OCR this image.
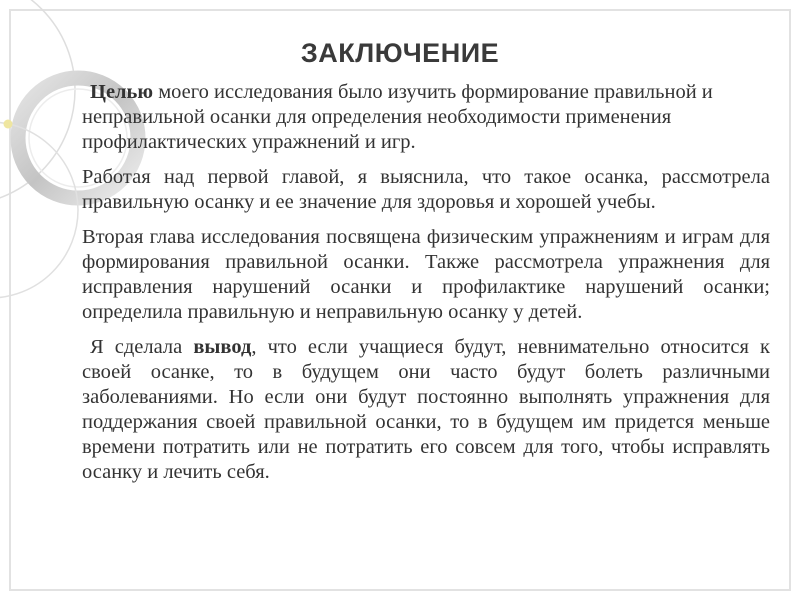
ЗАКЛЮЧЕНИЕ

Целью моего исследования было изучить формирование правильной и неправильной осанки для определения необходимости применения профилактических упражнений и игр.

Работая над первой главой, я выяснила, что такое осанка, рассмотрела правильную осанку и ее значение для здоровья и хорошей учебы.

Вторая глава исследования посвящена физическим упражнениям и играм для формирования правильной осанки. Также рассмотрела упражнения для исправления нарушений осанки и профилактике нарушений осанки; определила правильную и неправильную осанку у детей.

Я сделала вывод, что если учащиеся будут, невнимательно относится к своей осанке, то в будущем они часто будут болеть различными заболеваниями. Но если они будут постоянно выполнять упражнения для поддержания своей правильной осанки, то в будущем им придется меньше времени потратить или не потратить его совсем для того, чтобы исправлять осанку и лечить себя.
